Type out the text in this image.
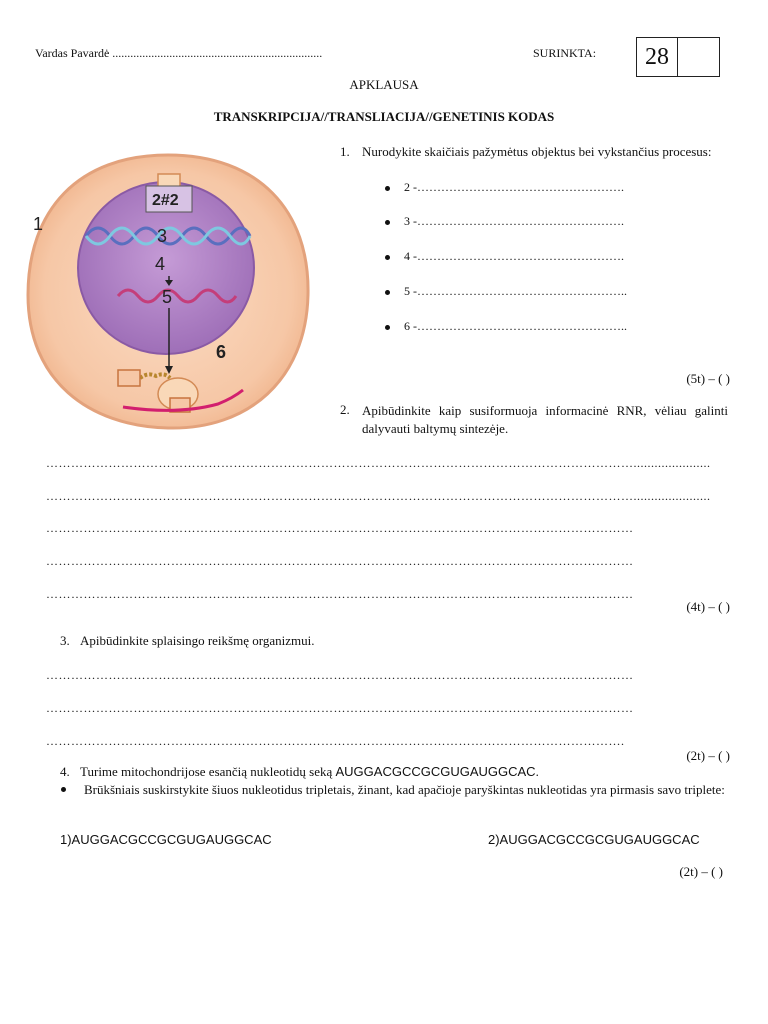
Vardas Pavardė ......................................................................	SURINKTA:	28
APKLAUSA
TRANSKRIPCIJA//TRANSLIACIJA//GENETINIS KODAS
2#2
3
4
5
6
1
1. Nurodykite skaičiais pažymėtus objektus bei vykstančius procesus:
2 -…………………………………………….
3 -…………………………………………….
4 -…………………………………………….
5 -……………………………………………..
6 -……………………………………………..
(5t) – ( )
2. Apibūdinkite kaip susiformuoja informacinė RNR, vėliau galinti dalyvauti baltymų sintezėje.
……………………………………………………………………………………………………………………………......................
……………………………………………………………………………………………………………………………......................
……………………………………………………………………………………………………………………………
……………………………………………………………………………………………………………………………
……………………………………………………………………………………………………………………………
(4t) – ( )
3. Apibūdinkite splaisingo reikšmę organizmui.
……………………………………………………………………………………………………………………………
……………………………………………………………………………………………………………………………
………………………………………………………………………………………………………………………….
(2t) – ( )
4. Turime mitochondrijose esančią nukleotidų seką AUGGACGCCGCGUGAUGGCAC.
Brūkšniais suskirstykite šiuos nukleotidus tripletais, žinant, kad apačioje paryškintas nukleotidas yra pirmasis savo triplete:
1)AUGGACGCCGCGUGAUGGCAC	2)AUGGACGCCGCGUGAUGGCAC
(2t) – ( )
